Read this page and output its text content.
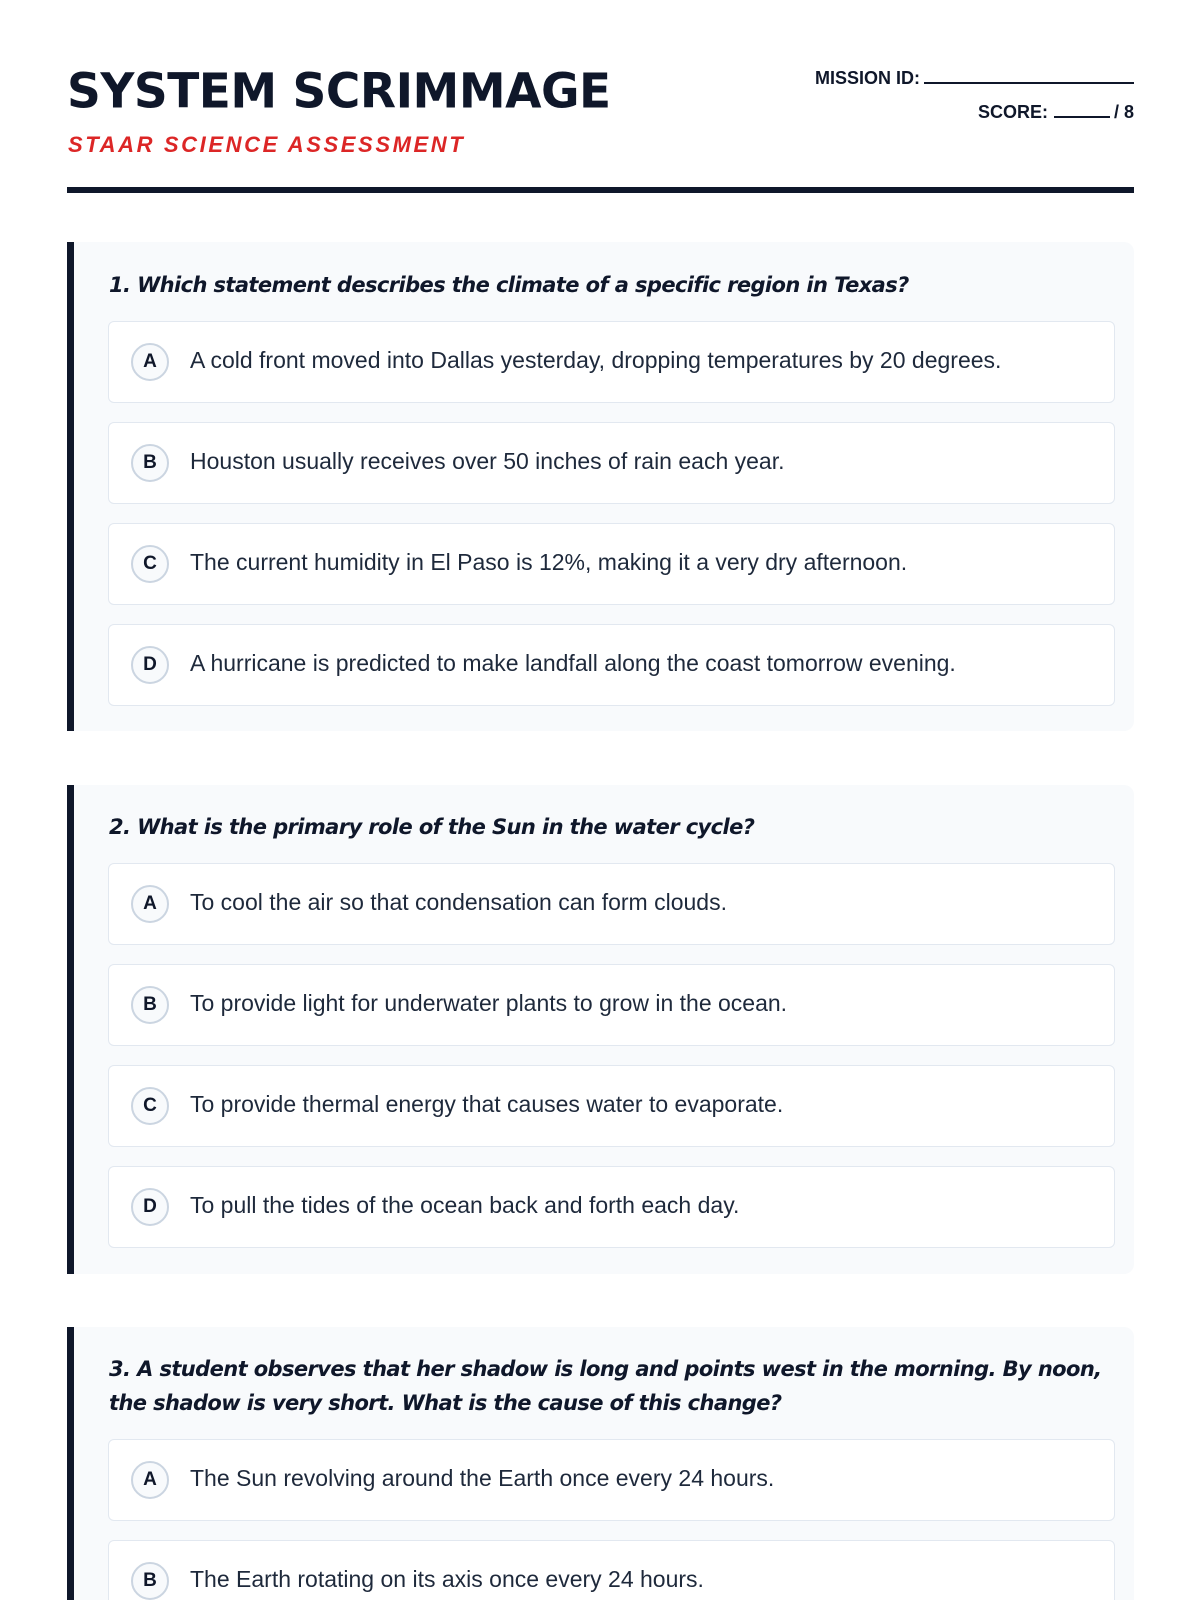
SYSTEM SCRIMMAGE
STAAR SCIENCE ASSESSMENT
MISSION ID:
SCORE:	/ 8
1. Which statement describes the climate of a specific region in Texas?
A	A cold front moved into Dallas yesterday, dropping temperatures by 20 degrees.
B	Houston usually receives over 50 inches of rain each year.
C	The current humidity in El Paso is 12%, making it a very dry afternoon.
D	A hurricane is predicted to make landfall along the coast tomorrow evening.
2. What is the primary role of the Sun in the water cycle?
A	To cool the air so that condensation can form clouds.
B	To provide light for underwater plants to grow in the ocean.
C	To provide thermal energy that causes water to evaporate.
D	To pull the tides of the ocean back and forth each day.
3. A student observes that her shadow is long and points west in the morning. By noon, the shadow is very short. What is the cause of this change?
A	The Sun revolving around the Earth once every 24 hours.
B	The Earth rotating on its axis once every 24 hours.
